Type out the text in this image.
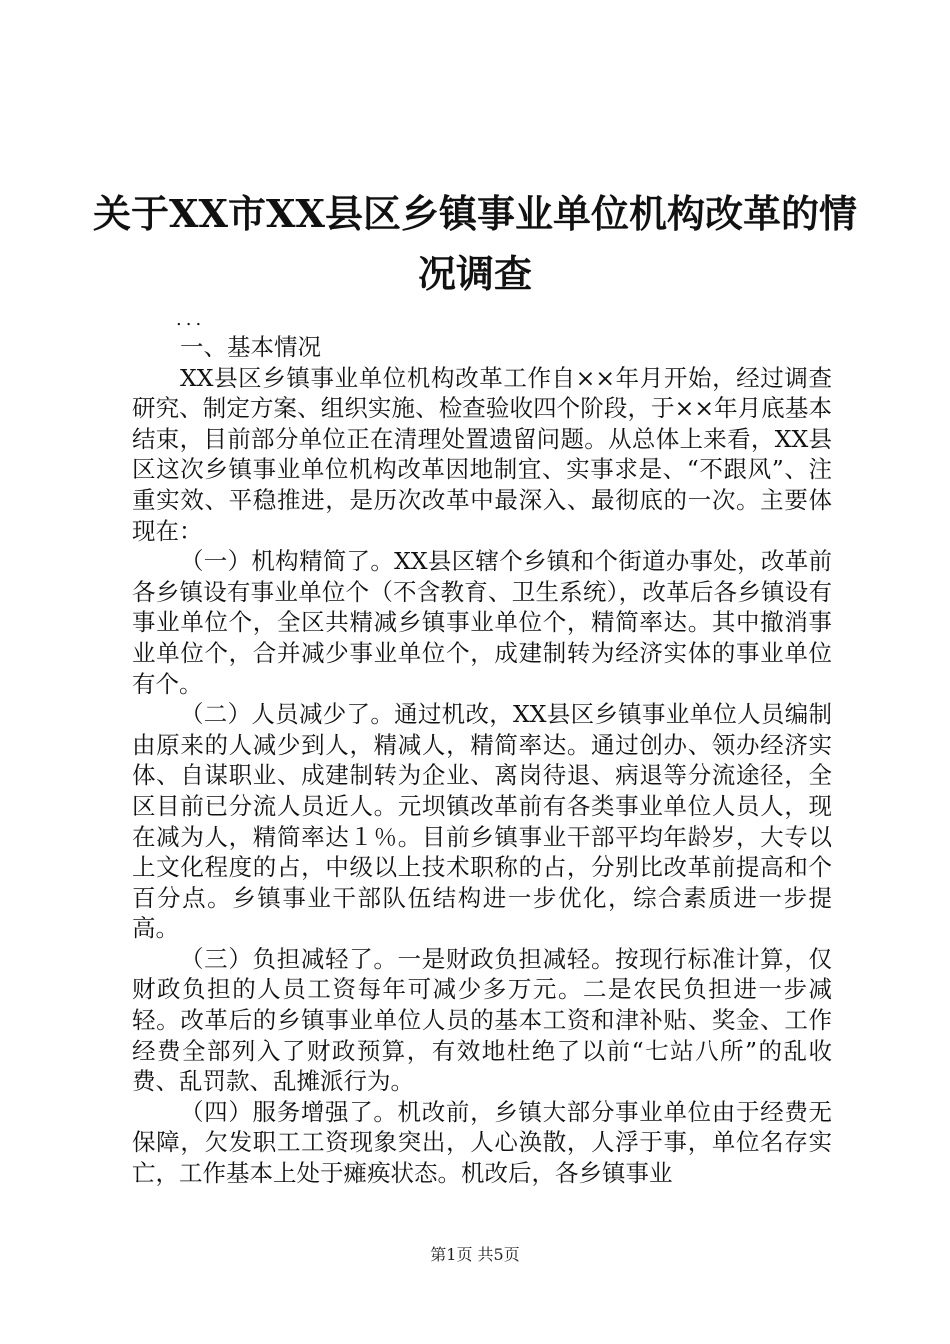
关于XX市XX县区乡镇事业单位机构改革的情况调查

...

一、基本情况

XX县区乡镇事业单位机构改革工作自××年月开始，经过调查研究、制定方案、组织实施、检查验收四个阶段，于××年月底基本结束，目前部分单位正在清理处置遗留问题。从总体上来看，XX县区这次乡镇事业单位机构改革因地制宜、实事求是、“不跟风”、注重实效、平稳推进，是历次改革中最深入、最彻底的一次。主要体现在：

（一）机构精简了。XX县区辖个乡镇和个街道办事处，改革前各乡镇设有事业单位个（不含教育、卫生系统），改革后各乡镇设有事业单位个，全区共精减乡镇事业单位个，精简率达。其中撤消事业单位个，合并减少事业单位个，成建制转为经济实体的事业单位有个。

（二）人员减少了。通过机改，XX县区乡镇事业单位人员编制由原来的人减少到人，精减人，精简率达。通过创办、领办经济实体、自谋职业、成建制转为企业、离岗待退、病退等分流途径，全区目前已分流人员近人。元坝镇改革前有各类事业单位人员人，现在减为人，精简率达１％。目前乡镇事业干部平均年龄岁，大专以上文化程度的占，中级以上技术职称的占，分别比改革前提高和个百分点。乡镇事业干部队伍结构进一步优化，综合素质进一步提高。

（三）负担减轻了。一是财政负担减轻。按现行标准计算，仅财政负担的人员工资每年可减少多万元。二是农民负担进一步减轻。改革后的乡镇事业单位人员的基本工资和津补贴、奖金、工作经费全部列入了财政预算，有效地杜绝了以前“七站八所”的乱收费、乱罚款、乱摊派行为。

（四）服务增强了。机改前，乡镇大部分事业单位由于经费无保障，欠发职工工资现象突出，人心涣散，人浮于事，单位名存实亡，工作基本上处于瘫痪状态。机改后，各乡镇事业

第1页 共5页
